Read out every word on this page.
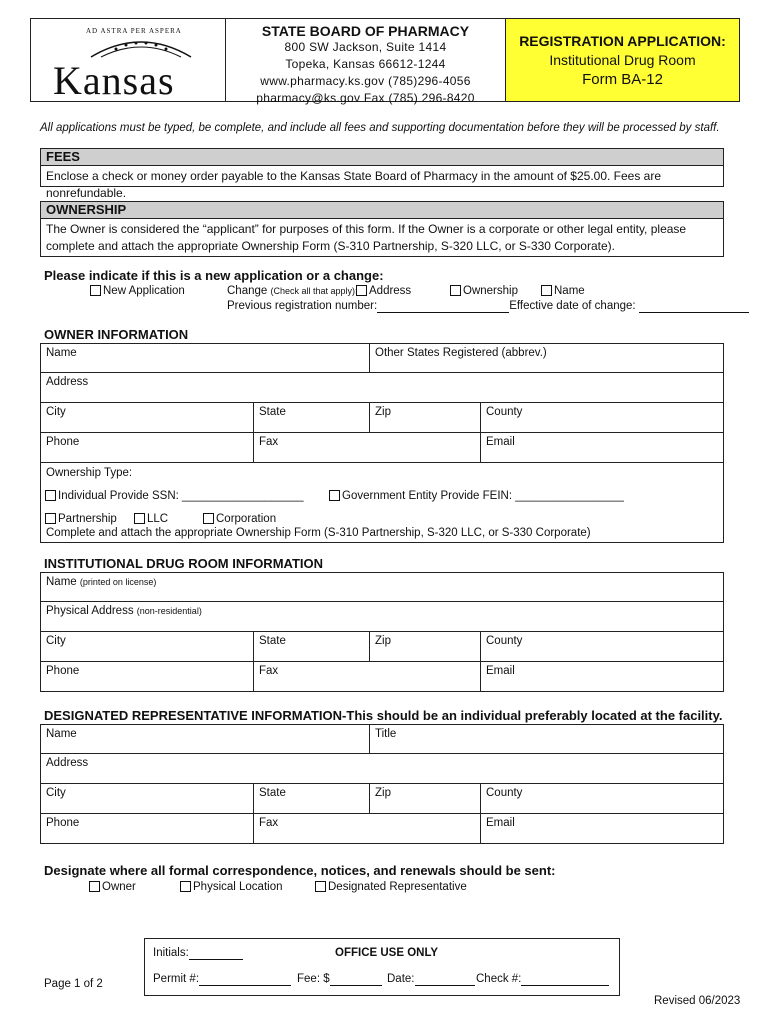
AD ASTRA PER ASPERA
Kansas
STATE BOARD OF PHARMACY
800 SW Jackson, Suite 1414
Topeka, Kansas 66612-1244
www.pharmacy.ks.gov (785)296-4056
pharmacy@ks.gov Fax (785) 296-8420
REGISTRATION APPLICATION:
Institutional Drug Room
Form BA-12
All applications must be typed, be complete, and include all fees and supporting documentation before they will be processed by staff.
FEES
Enclose a check or money order payable to the Kansas State Board of Pharmacy in the amount of $25.00. Fees are nonrefundable.
OWNERSHIP
The Owner is considered the “applicant” for purposes of this form. If the Owner is a corporate or other legal entity, please complete and attach the appropriate Ownership Form (S-310 Partnership, S-320 LLC, or S-330 Corporate).
Please indicate if this is a new application or a change:
New Application	Change (Check all that apply): Address	Ownership	Name
Previous registration number:	Effective date of change:
OWNER INFORMATION
Name	Other States Registered (abbrev.)
Address
City	State	Zip	County
Phone	Fax	Email
Ownership Type:
Individual Provide SSN: ___________________	Government Entity Provide FEIN: _________________
Partnership	LLC	Corporation
Complete and attach the appropriate Ownership Form (S-310 Partnership, S-320 LLC, or S-330 Corporate)
INSTITUTIONAL DRUG ROOM INFORMATION
Name (printed on license)
Physical Address (non-residential)
City	State	Zip	County
Phone	Fax	Email
DESIGNATED REPRESENTATIVE INFORMATION-This should be an individual preferably located at the facility.
Name	Title
Address
City	State	Zip	County
Phone	Fax	Email
Designate where all formal correspondence, notices, and renewals should be sent:
Owner	Physical Location	Designated Representative
Initials:	OFFICE USE ONLY
Permit #:	Fee: $	Date:	Check #:
Page 1 of 2
Revised 06/2023
